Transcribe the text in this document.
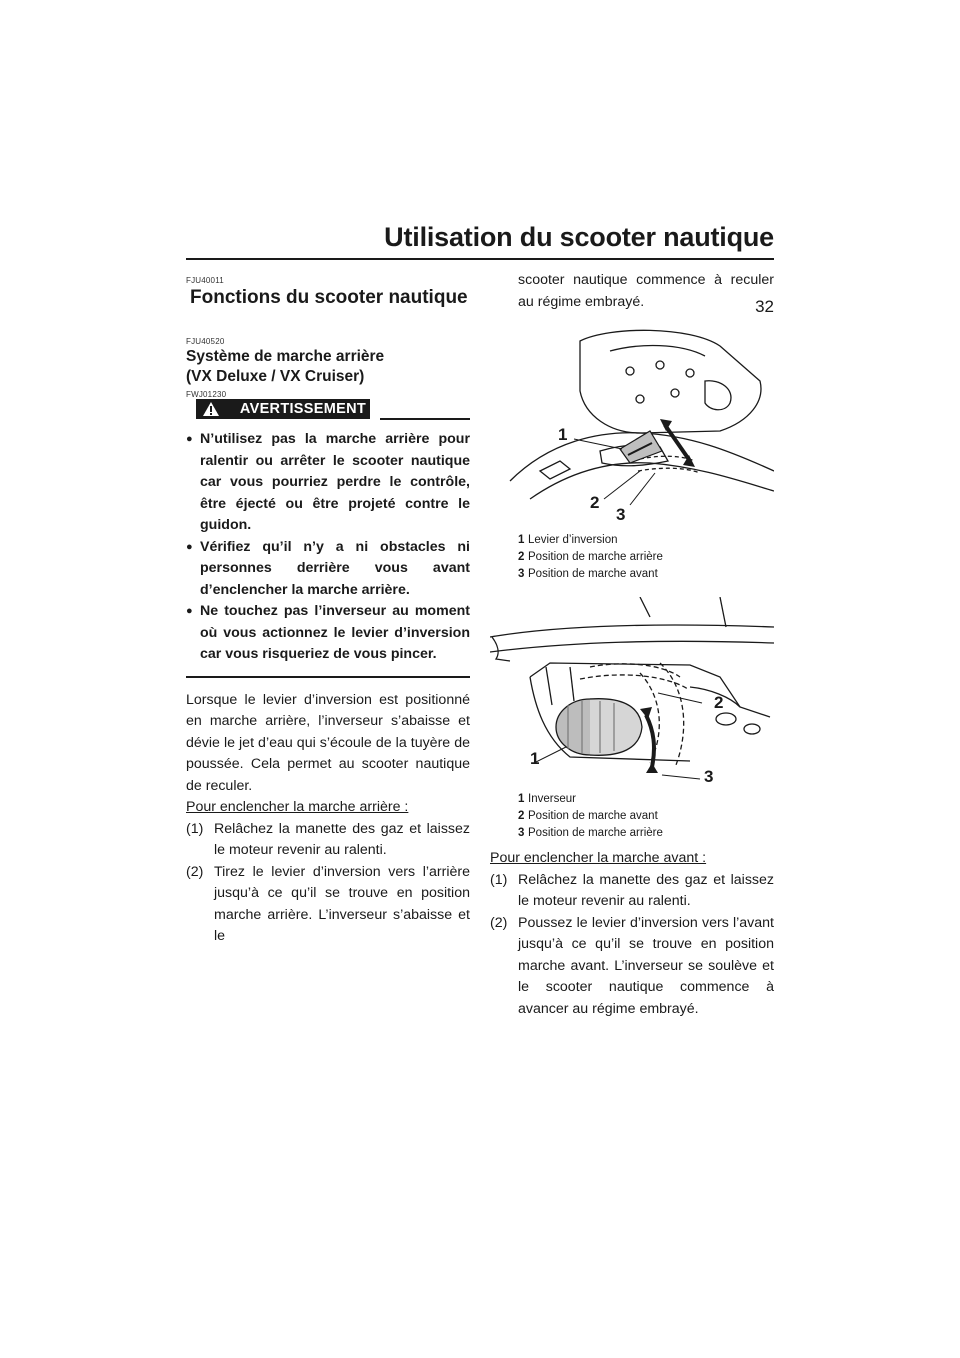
Utilisation du scooter nautique
32
FJU40011
Fonctions du scooter nautique
FJU40520
Système de marche arrière
(VX Deluxe / VX Cruiser)
FWJ01230
AVERTISSEMENT
● N’utilisez pas la marche arrière pour ralentir ou arrêter le scooter nautique car vous pourriez perdre le contrôle, être éjecté ou être projeté contre le guidon.
● Vérifiez qu’il n’y a ni obstacles ni personnes derrière vous avant d’enclencher la marche arrière.
● Ne touchez pas l’inverseur au moment où vous actionnez le levier d’inversion car vous risqueriez de vous pincer.
Lorsque le levier d’inversion est positionné en marche arrière, l’inverseur s’abaisse et dévie le jet d’eau qui s’écoule de la tuyère de poussée. Cela permet au scooter nautique de reculer.
Pour enclencher la marche arrière :
(1) Relâchez la manette des gaz et laissez le moteur revenir au ralenti.
(2) Tirez le levier d’inversion vers l’arrière jusqu’à ce qu’il se trouve en position marche arrière. L’inverseur s’abaisse et le
scooter nautique commence à reculer au régime embrayé.
1
2
3
1 Levier d’inversion
2 Position de marche arrière
3 Position de marche avant
1
2
3
1 Inverseur
2 Position de marche avant
3 Position de marche arrière
Pour enclencher la marche avant :
(1) Relâchez la manette des gaz et laissez le moteur revenir au ralenti.
(2) Poussez le levier d’inversion vers l’avant jusqu’à ce qu’il se trouve en position marche avant. L’inverseur se soulève et le scooter nautique commence à avancer au régime embrayé.
